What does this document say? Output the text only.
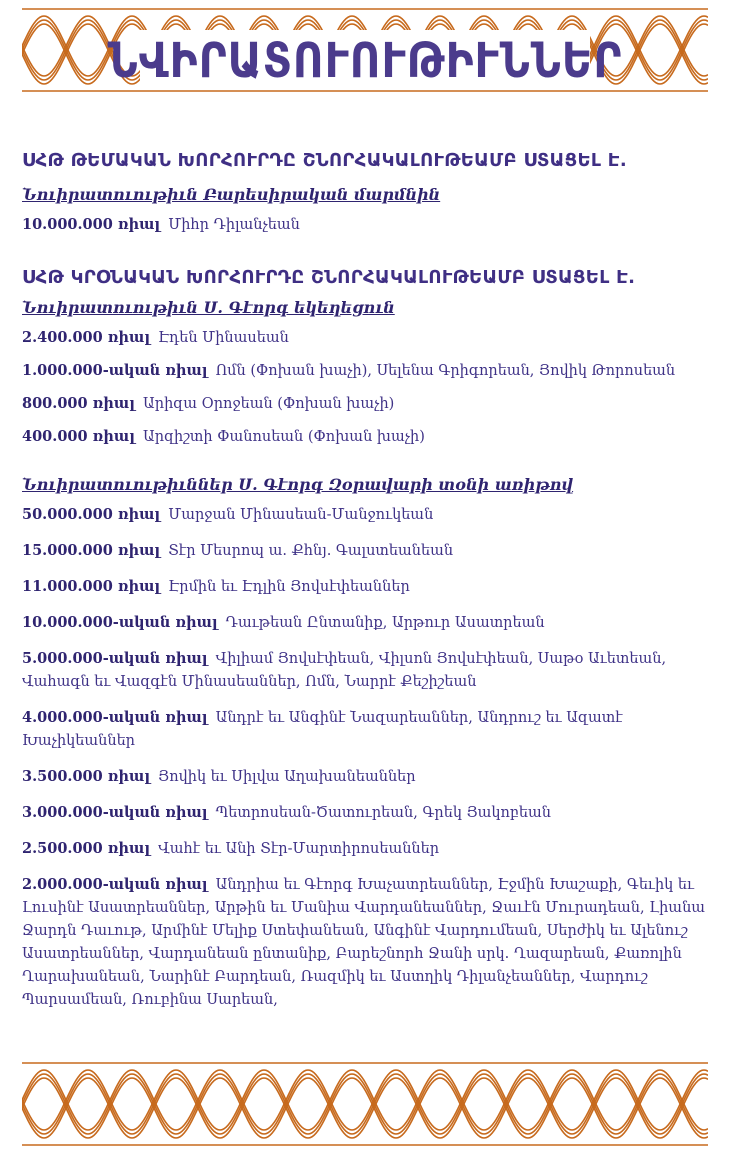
ՆՎԻՐԱՏՈՒՈՒԹԻՒՆՆԵՐ

ՍՀԹ ԹԵՄԱԿԱՆ ԽՈՐՀՈՒՐԴԸ ՇՆՈՐՀԱԿԱԼՈՒԹԵԱՄԲ ՍՏԱՑԵԼ Է.

Նուիրատուութիւն Բարեսիրական մարմնին

10.000.000 ռիալ Միհր Դիլանչեան

ՍՀԹ ԿՐՕՆԱԿԱՆ ԽՈՐՀՈՒՐԴԸ ՇՆՈՐՀԱԿԱԼՈՒԹԵԱՄԲ ՍՏԱՑԵԼ Է.

Նուիրատուութիւն Ս. Գէորգ եկեղեցուն

2.400.000 ռիալ Էդեն Մինասեան

1.000.000-ական ռիալ Ոմն (Փոխան խաչի), Սելենա Գրիգորեան, Յովիկ Թորոսեան

800.000 ռիալ Արիզա Օրոջեան (Փոխան խաչի)

400.000 ռիալ Արզիշտի Փանոսեան (Փոխան խաչի)

Նուիրատուութիւններ Ս. Գէորգ Զօրավարի տօնի առիթով

50.000.000 ռիալ Մարջան Մինասեան-Մանջուկեան

15.000.000 ռիալ Տէր Մեսրոպ ա. Քհնյ. Գալստեանեան

11.000.000 ռիալ Էրմին եւ Էդլին Յովսէփեաններ

10.000.000-ական ռիալ Դաւթեան Ընտանիք, Արթուր Ասատրեան

5.000.000-ական ռիալ Վիլիամ Յովսէփեան, Վիլսոն Յովսէփեան, Սաթօ Աւետեան, Վահագն եւ Վազգէն Մինասեաններ, Ոմն, Նարրէ Քեշիշեան

4.000.000-ական ռիալ Անդրէ եւ Անգինէ Նազարեաններ, Անդրուշ եւ Ազատէ Խաչիկեաններ

3.500.000 ռիալ Յովիկ եւ Սիլվա Աղախանեաններ

3.000.000-ական ռիալ Պետրոսեան-Ծատուրեան, Գրեկ Յակոբեան

2.500.000 ռիալ Վահէ եւ Անի Տէր-Մարտիրոսեաններ

2.000.000-ական ռիալ Անդրիա եւ Գէորգ Խաչատրեաններ, Էջմին Խաշաքի, Գեւիկ եւ Լուսինէ Ասատրեաններ, Արթին եւ Մանիա Վարդանեաններ, Ջաւէն Մուրադեան, Լիանա Ջարդն Դաւութ, Արմինէ Մելիք Ստեփանեան, Անգինէ Վարդումեան, Սերժիկ եւ Ալենուշ Ասատրեաններ, Վարդանեան ընտանիք, Բարեշնորհ Ջանի սրկ. Ղազարեան, Քառոլին Ղարախանեան, Նարինէ Բարդեան, Ռազմիկ եւ Աստղիկ Դիլանչեաններ, Վարդուշ Պարսամեան, Ռուբինա Սարեան,
